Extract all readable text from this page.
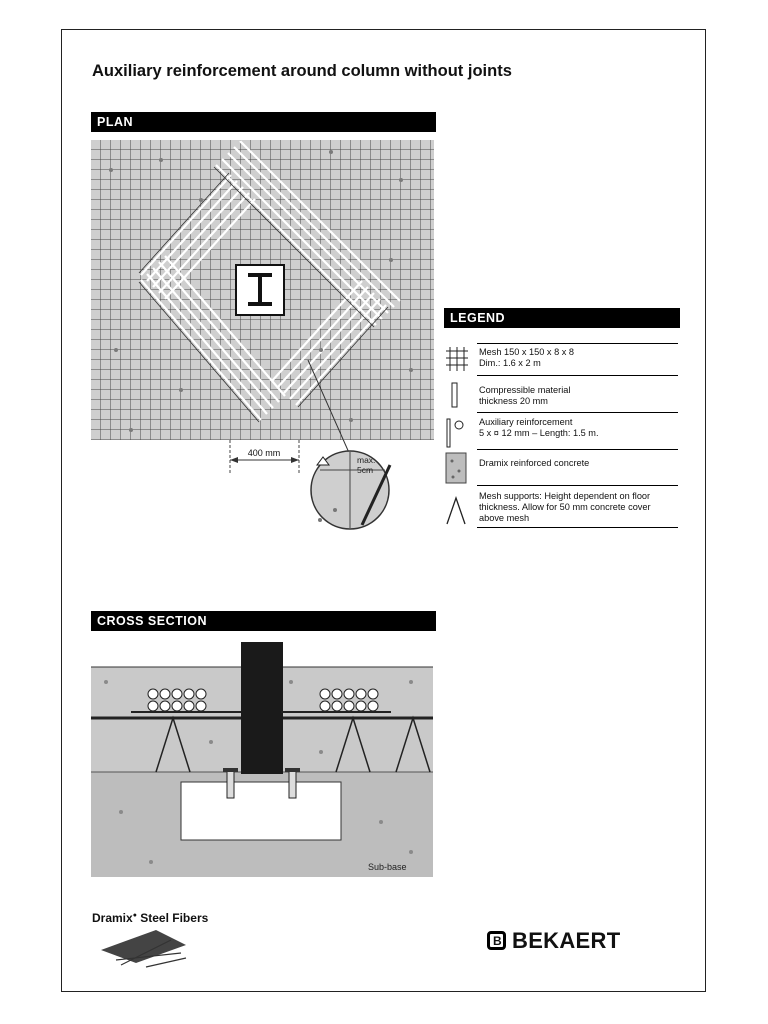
Auxiliary reinforcement around column without joints
PLAN
400 mm
max.
5cm
LEGEND
Mesh 150 x 150 x 8 x 8
Dim.: 1.6 x 2 m
Compressible material
thickness 20 mm
Auxiliary reinforcement
5 x ¤ 12 mm – Length: 1.5 m.
Dramix reinforced concrete
Mesh supports: Height dependent on floor
thickness. Allow for 50 mm concrete cover
above mesh
CROSS SECTION
Sub-base
Dramix● Steel Fibers
B BEKAERT
